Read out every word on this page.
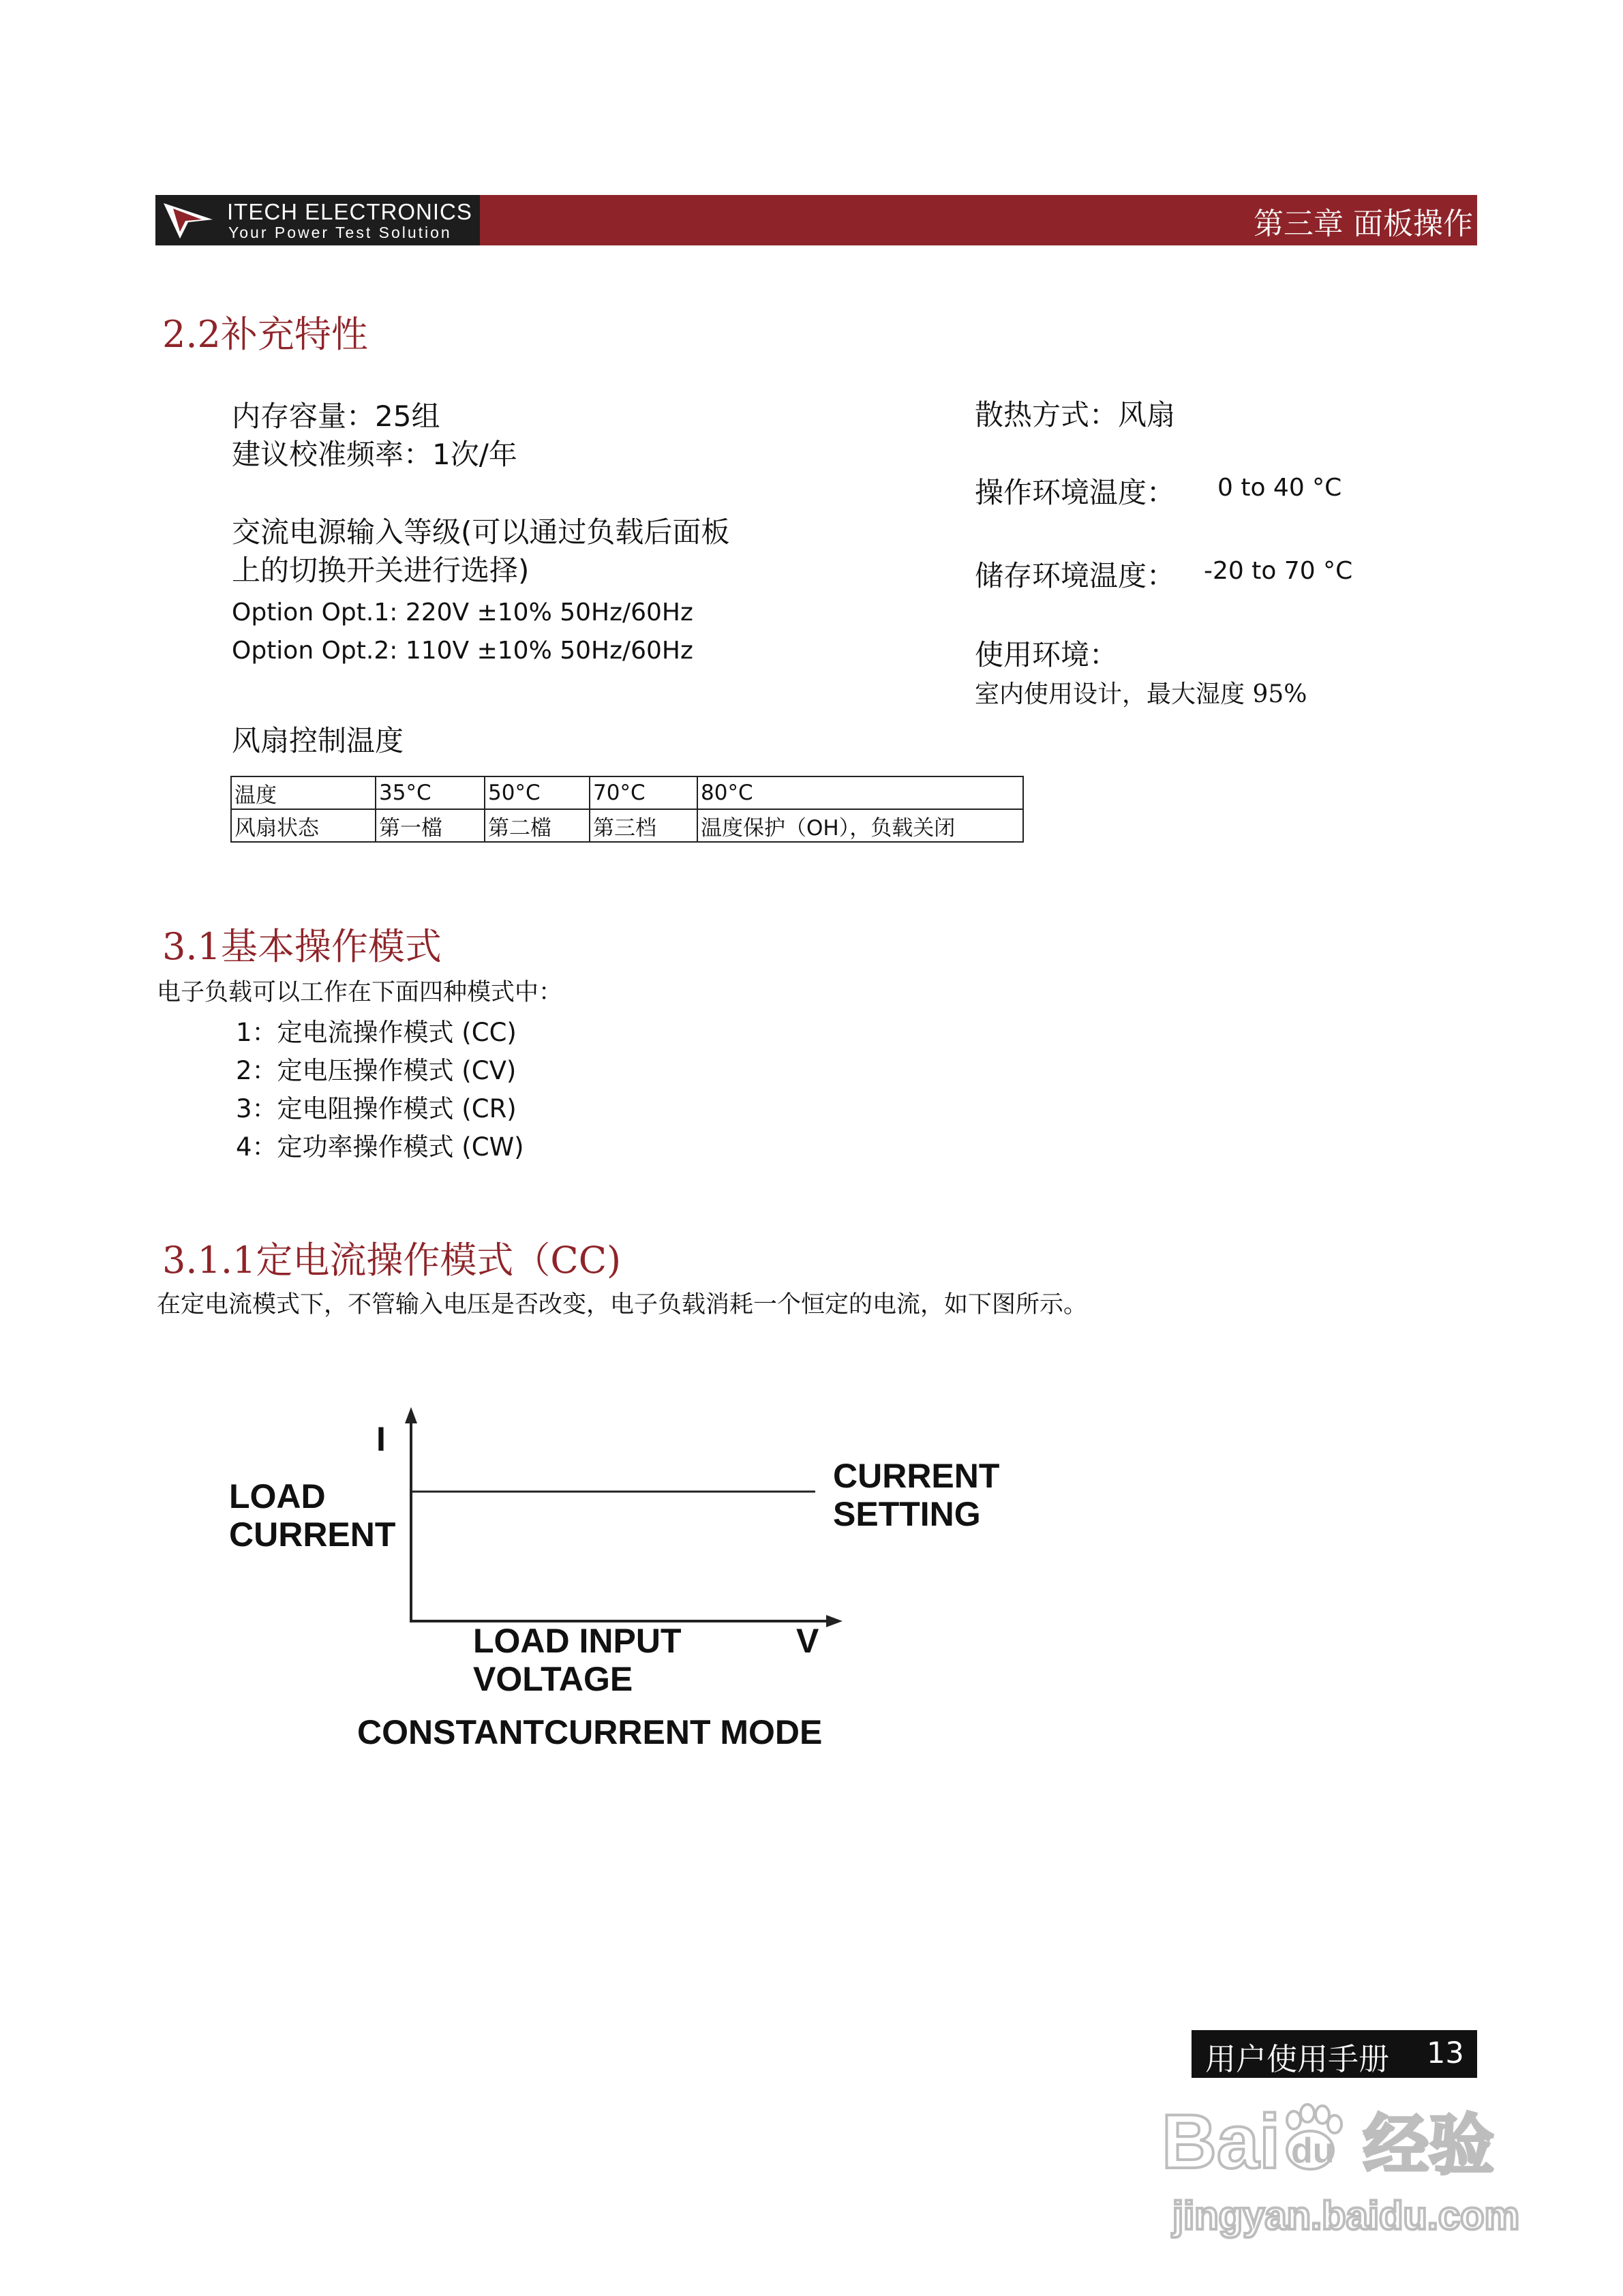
ITECH ELECTRONICS
Your Power Test Solution	第三章 面板操作
2.2补充特性
内存容量：25组
建议校准频率：1次/年
交流电源输入等级(可以通过负载后面板
上的切换开关进行选择)
Option Opt.1: 220V ±10% 50Hz/60Hz
Option Opt.2: 110V ±10% 50Hz/60Hz
散热方式：风扇
操作环境温度： 0 to 40 °C
储存环境温度： -20 to 70 °C
使用环境：
室内使用设计，最大湿度 95%
风扇控制温度
温度	35°C	50°C	70°C	80°C
风扇状态	第一檔	第二檔	第三档	温度保护（OH），负载关闭
3.1基本操作模式
电子负载可以工作在下面四种模式中：
1：定电流操作模式 (CC)
2：定电压操作模式 (CV)
3：定电阻操作模式 (CR)
4：定功率操作模式 (CW)
3.1.1定电流操作模式（CC)
在定电流模式下，不管输入电压是否改变，电子负载消耗一个恒定的电流，如下图所示。
I
LOAD
CURRENT
CURRENT
SETTING
LOAD INPUT
VOLTAGE
V
CONSTANTCURRENT MODE
用户使用手册 13
Bai du 经验
jingyan.baidu.com
